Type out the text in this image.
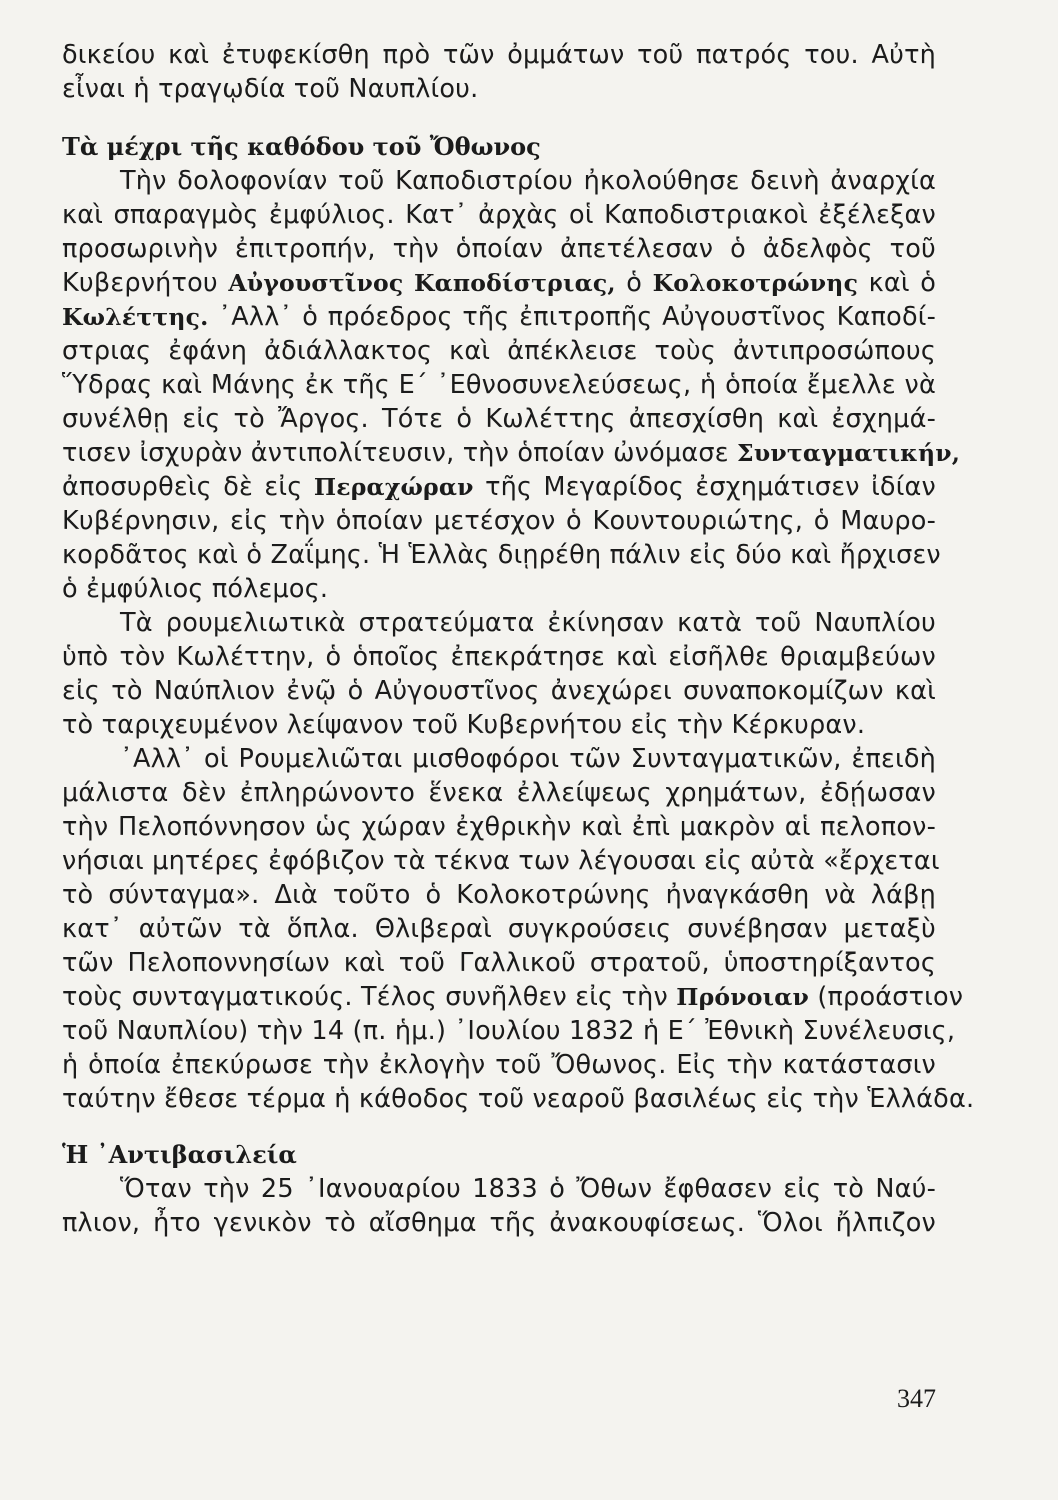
δικείου καὶ ἐτυφεκίσθη πρὸ τῶν ὀμμάτων τοῦ πατρός του. Αὐτὴ
εἶναι ἡ τραγῳδία τοῦ Ναυπλίου.
Τὰ μέχρι τῆς καθόδου τοῦ Ὄθωνος
Τὴν δολοφονίαν τοῦ Καποδιστρίου ἠκολούθησε δεινὴ ἀναρχία
καὶ σπαραγμὸς ἐμφύλιος. Κατ᾽ ἀρχὰς οἱ Καποδιστριακοὶ ἐξέλεξαν
προσωρινὴν ἐπιτροπήν, τὴν ὁποίαν ἀπετέλεσαν ὁ ἀδελφὸς τοῦ
Κυβερνήτου Αὐγουστῖνος Καποδίστριας, ὁ Κολοκοτρώνης καὶ ὁ
Κωλέττης. ᾽Αλλ᾽ ὁ πρόεδρος τῆς ἐπιτροπῆς Αὐγουστῖνος Καποδί-
στριας ἐφάνη ἀδιάλλακτος καὶ ἀπέκλεισε τοὺς ἀντιπροσώπους
Ὕδρας καὶ Μάνης ἐκ τῆς Ε΄ ᾽Εθνοσυνελεύσεως, ἡ ὁποία ἔμελλε νὰ
συνέλθῃ εἰς τὸ Ἄργος. Τότε ὁ Κωλέττης ἀπεσχίσθη καὶ ἐσχημά-
τισεν ἰσχυρὰν ἀντιπολίτευσιν, τὴν ὁποίαν ὠνόμασε Συνταγματικήν,
ἀποσυρθεὶς δὲ εἰς Περαχώραν τῆς Μεγαρίδος ἐσχημάτισεν ἰδίαν
Κυβέρνησιν, εἰς τὴν ὁποίαν μετέσχον ὁ Κουντουριώτης, ὁ Μαυρο-
κορδᾶτος καὶ ὁ Ζαΐμης. Ἡ Ἑλλὰς διῃρέθη πάλιν εἰς δύο καὶ ἤρχισεν
ὁ ἐμφύλιος πόλεμος.
Τὰ ρουμελιωτικὰ στρατεύματα ἐκίνησαν κατὰ τοῦ Ναυπλίου
ὑπὸ τὸν Κωλέττην, ὁ ὁποῖος ἐπεκράτησε καὶ εἰσῆλθε θριαμβεύων
εἰς τὸ Ναύπλιον ἐνῷ ὁ Αὐγουστῖνος ἀνεχώρει συναποκομίζων καὶ
τὸ ταριχευμένον λείψανον τοῦ Κυβερνήτου εἰς τὴν Κέρκυραν.
᾽Αλλ᾽ οἱ Ρουμελιῶται μισθοφόροι τῶν Συνταγματικῶν, ἐπειδὴ
μάλιστα δὲν ἐπληρώνοντο ἕνεκα ἐλλείψεως χρημάτων, ἐδῄωσαν
τὴν Πελοπόννησον ὡς χώραν ἐχθρικὴν καὶ ἐπὶ μακρὸν αἱ πελοπον-
νήσιαι μητέρες ἐφόβιζον τὰ τέκνα των λέγουσαι εἰς αὐτὰ «ἔρχεται
τὸ σύνταγμα». Διὰ τοῦτο ὁ Κολοκοτρώνης ἠναγκάσθη νὰ λάβῃ
κατ᾽ αὐτῶν τὰ ὅπλα. Θλιβεραὶ συγκρούσεις συνέβησαν μεταξὺ
τῶν Πελοποννησίων καὶ τοῦ Γαλλικοῦ στρατοῦ, ὑποστηρίξαντος
τοὺς συνταγματικούς. Τέλος συνῆλθεν εἰς τὴν Πρόνοιαν (προάστιον
τοῦ Ναυπλίου) τὴν 14 (π. ἡμ.) ᾽Ιουλίου 1832 ἡ Ε΄ Ἐθνικὴ Συνέλευσις,
ἡ ὁποία ἐπεκύρωσε τὴν ἐκλογὴν τοῦ Ὄθωνος. Εἰς τὴν κατάστασιν
ταύτην ἔθεσε τέρμα ἡ κάθοδος τοῦ νεαροῦ βασιλέως εἰς τὴν Ἑλλάδα.
Ἡ ᾽Αντιβασιλεία
Ὅταν τὴν 25 ᾽Ιανουαρίου 1833 ὁ Ὄθων ἔφθασεν εἰς τὸ Ναύ-
πλιον, ἦτο γενικὸν τὸ αἴσθημα τῆς ἀνακουφίσεως. Ὅλοι ἤλπιζον
347
